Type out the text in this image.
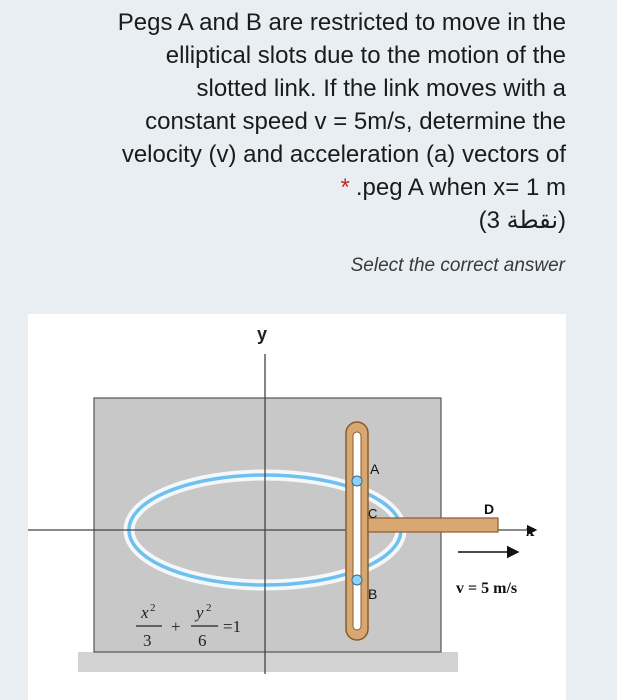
Pegs A and B are restricted to move in the
elliptical slots due to the motion of the
slotted link. If the link moves with a
constant speed v = 5m/s, determine the
velocity (v) and acceleration (a) vectors of
* .peg A when x= 1 m
(3 نقطة)
Select the correct answer
y
x
A
B
C	D
v = 5 m/s
x 2
3
+
y 2
6
=1
